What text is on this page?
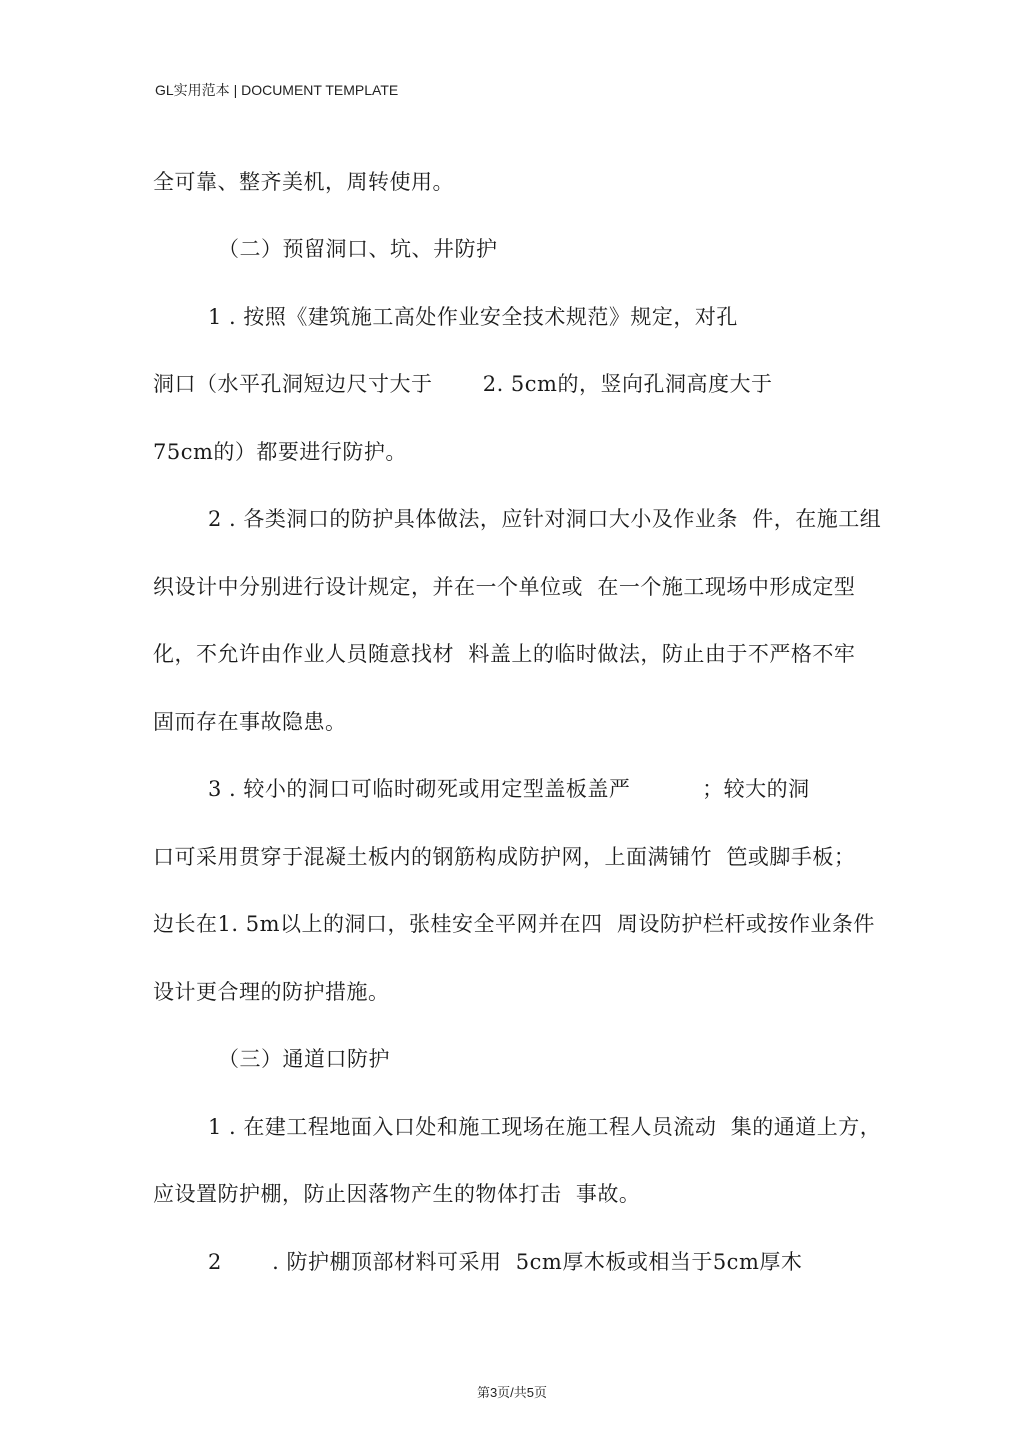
GL实用范本 | DOCUMENT TEMPLATE
全可靠、整齐美机，周转使用。
（二）预留洞口、坑、井防护
1 . 按照《建筑施工高处作业安全技术规范》规定，对孔
洞口（水平孔洞短边尺寸大于       2. 5cm的，竖向孔洞高度大于
75cm的）都要进行防护。
2 . 各类洞口的防护具体做法，应针对洞口大小及作业条  件，在施工组
织设计中分别进行设计规定，并在一个单位或  在一个施工现场中形成定型
化，不允许由作业人员随意找材  料盖上的临时做法，防止由于不严格不牢
固而存在事故隐患。
3 . 较小的洞口可临时砌死或用定型盖板盖严          ；较大的洞
口可采用贯穿于混凝土板内的钢筋构成防护网，上面满铺竹  笆或脚手板；
边长在1. 5m以上的洞口，张桂安全平网并在四  周设防护栏杆或按作业条件
设计更合理的防护措施。
（三）通道口防护
1 . 在建工程地面入口处和施工现场在施工程人员流动  集的通道上方，
应设置防护棚，防止因落物产生的物体打击  事故。
2       . 防护棚顶部材料可采用  5cm厚木板或相当于5cm厚木
第3页/共5页
